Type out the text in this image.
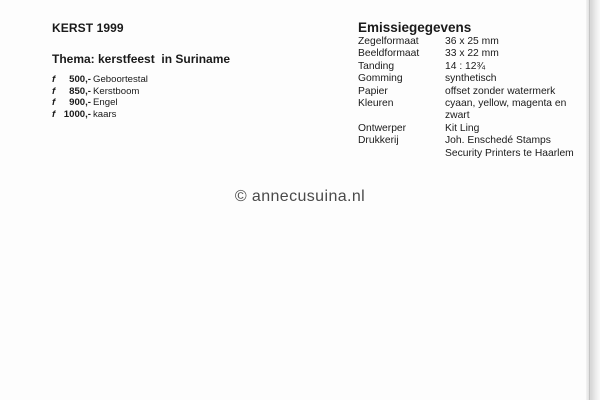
KERST 1999
Thema: kerstfeest  in Suriname
f	500,- Geboortestal
f	850,- Kerstboom
f	900,- Engel
f 1000,- kaars
Emissiegegevens
Zegelformaat	36 x 25 mm
Beeldformaat	33 x 22 mm
Tanding	14 : 12¾
Gomming	synthetisch
Papier	offset zonder watermerk
Kleuren	cyaan, yellow, magenta en
zwart
Ontwerper	Kit Ling
Drukkerij	Joh. Enschedé Stamps
Security Printers te Haarlem
© annecusuina.nl
